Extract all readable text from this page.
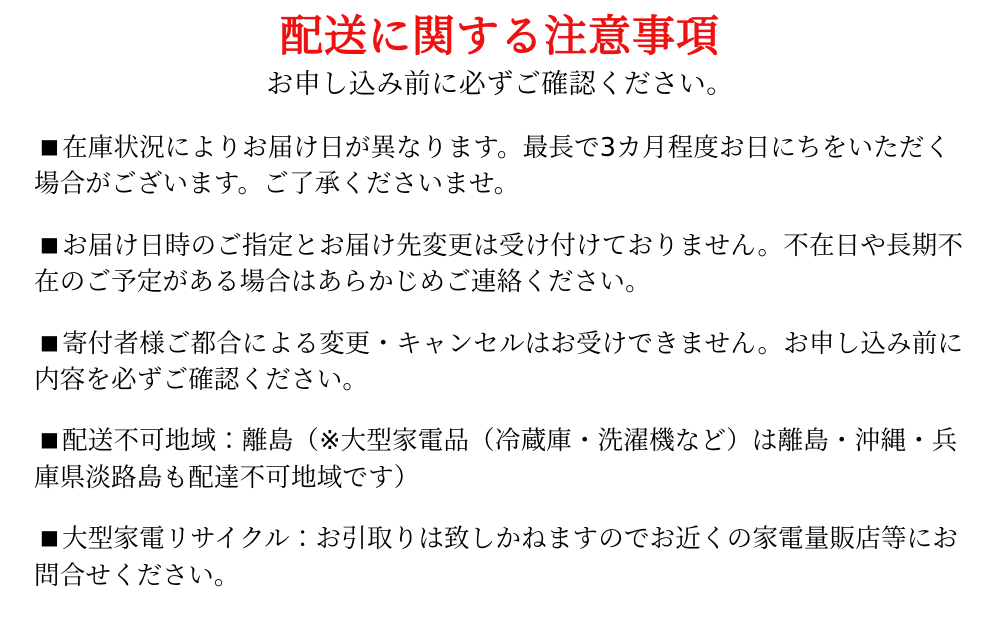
配送に関する注意事項
お申し込み前に必ずご確認ください。

■ 在庫状況によりお届け日が異なります。最長で3カ月程度お日にちをいただく場合がございます。ご了承くださいませ。

■ お届け日時のご指定とお届け先変更は受け付けておりません。不在日や長期不在のご予定がある場合はあらかじめご連絡ください。

■ 寄付者様ご都合による変更・キャンセルはお受けできません。お申し込み前に内容を必ずご確認ください。

■ 配送不可地域：離島（※大型家電品（冷蔵庫・洗濯機など）は離島・沖縄・兵庫県淡路島も配達不可地域です）

■ 大型家電リサイクル：お引取りは致しかねますのでお近くの家電量販店等にお問合せください。
